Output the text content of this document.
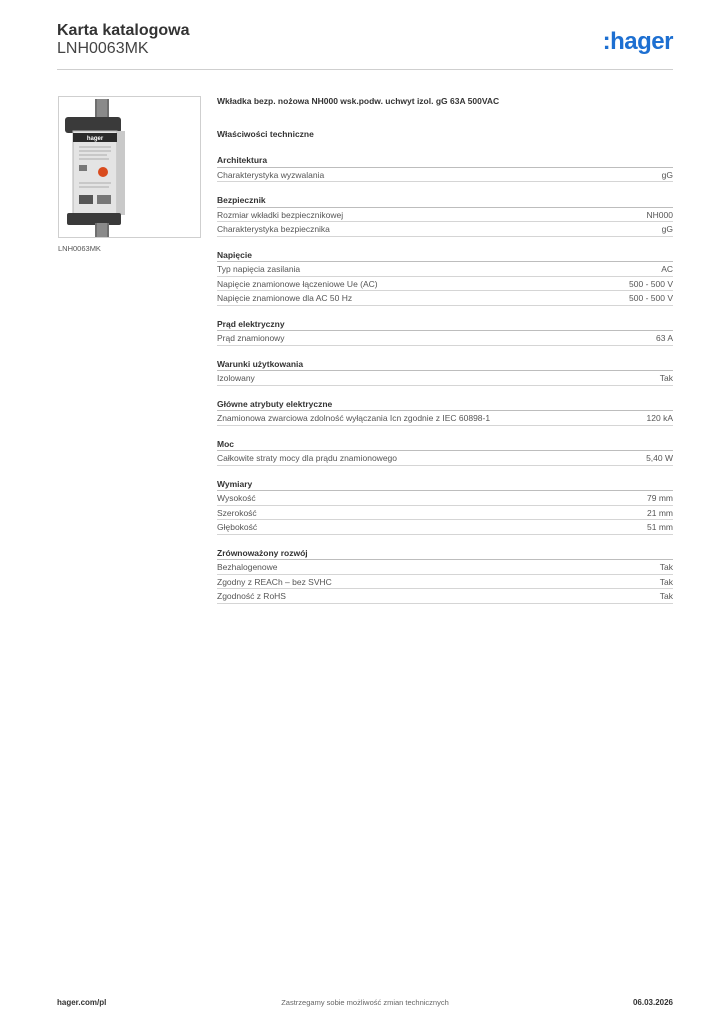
Karta katalogowa
LNH0063MK	:hager
hager
LNH0063MK
Wkładka bezp. nożowa NH000 wsk.podw. uchwyt izol. gG 63A 500VAC
Właściwości techniczne
Architektura
Charakterystyka wyzwalania	gG
Bezpiecznik
Rozmiar wkładki bezpiecznikowej	NH000
Charakterystyka bezpiecznika	gG
Napięcie
Typ napięcia zasilania	AC
Napięcie znamionowe łączeniowe Ue (AC)	500 - 500 V
Napięcie znamionowe dla AC 50 Hz	500 - 500 V
Prąd elektryczny
Prąd znamionowy	63 A
Warunki użytkowania
Izolowany	Tak
Główne atrybuty elektryczne
Znamionowa zwarciowa zdolność wyłączania Icn zgodnie z IEC 60898-1	120 kA
Moc
Całkowite straty mocy dla prądu znamionowego	5,40 W
Wymiary
Wysokość	79 mm
Szerokość	21 mm
Głębokość	51 mm
Zrównoważony rozwój
Bezhalogenowe	Tak
Zgodny z REACh – bez SVHC	Tak
Zgodność z RoHS	Tak
hager.com/pl	Zastrzegamy sobie możliwość zmian technicznych	06.03.2026
